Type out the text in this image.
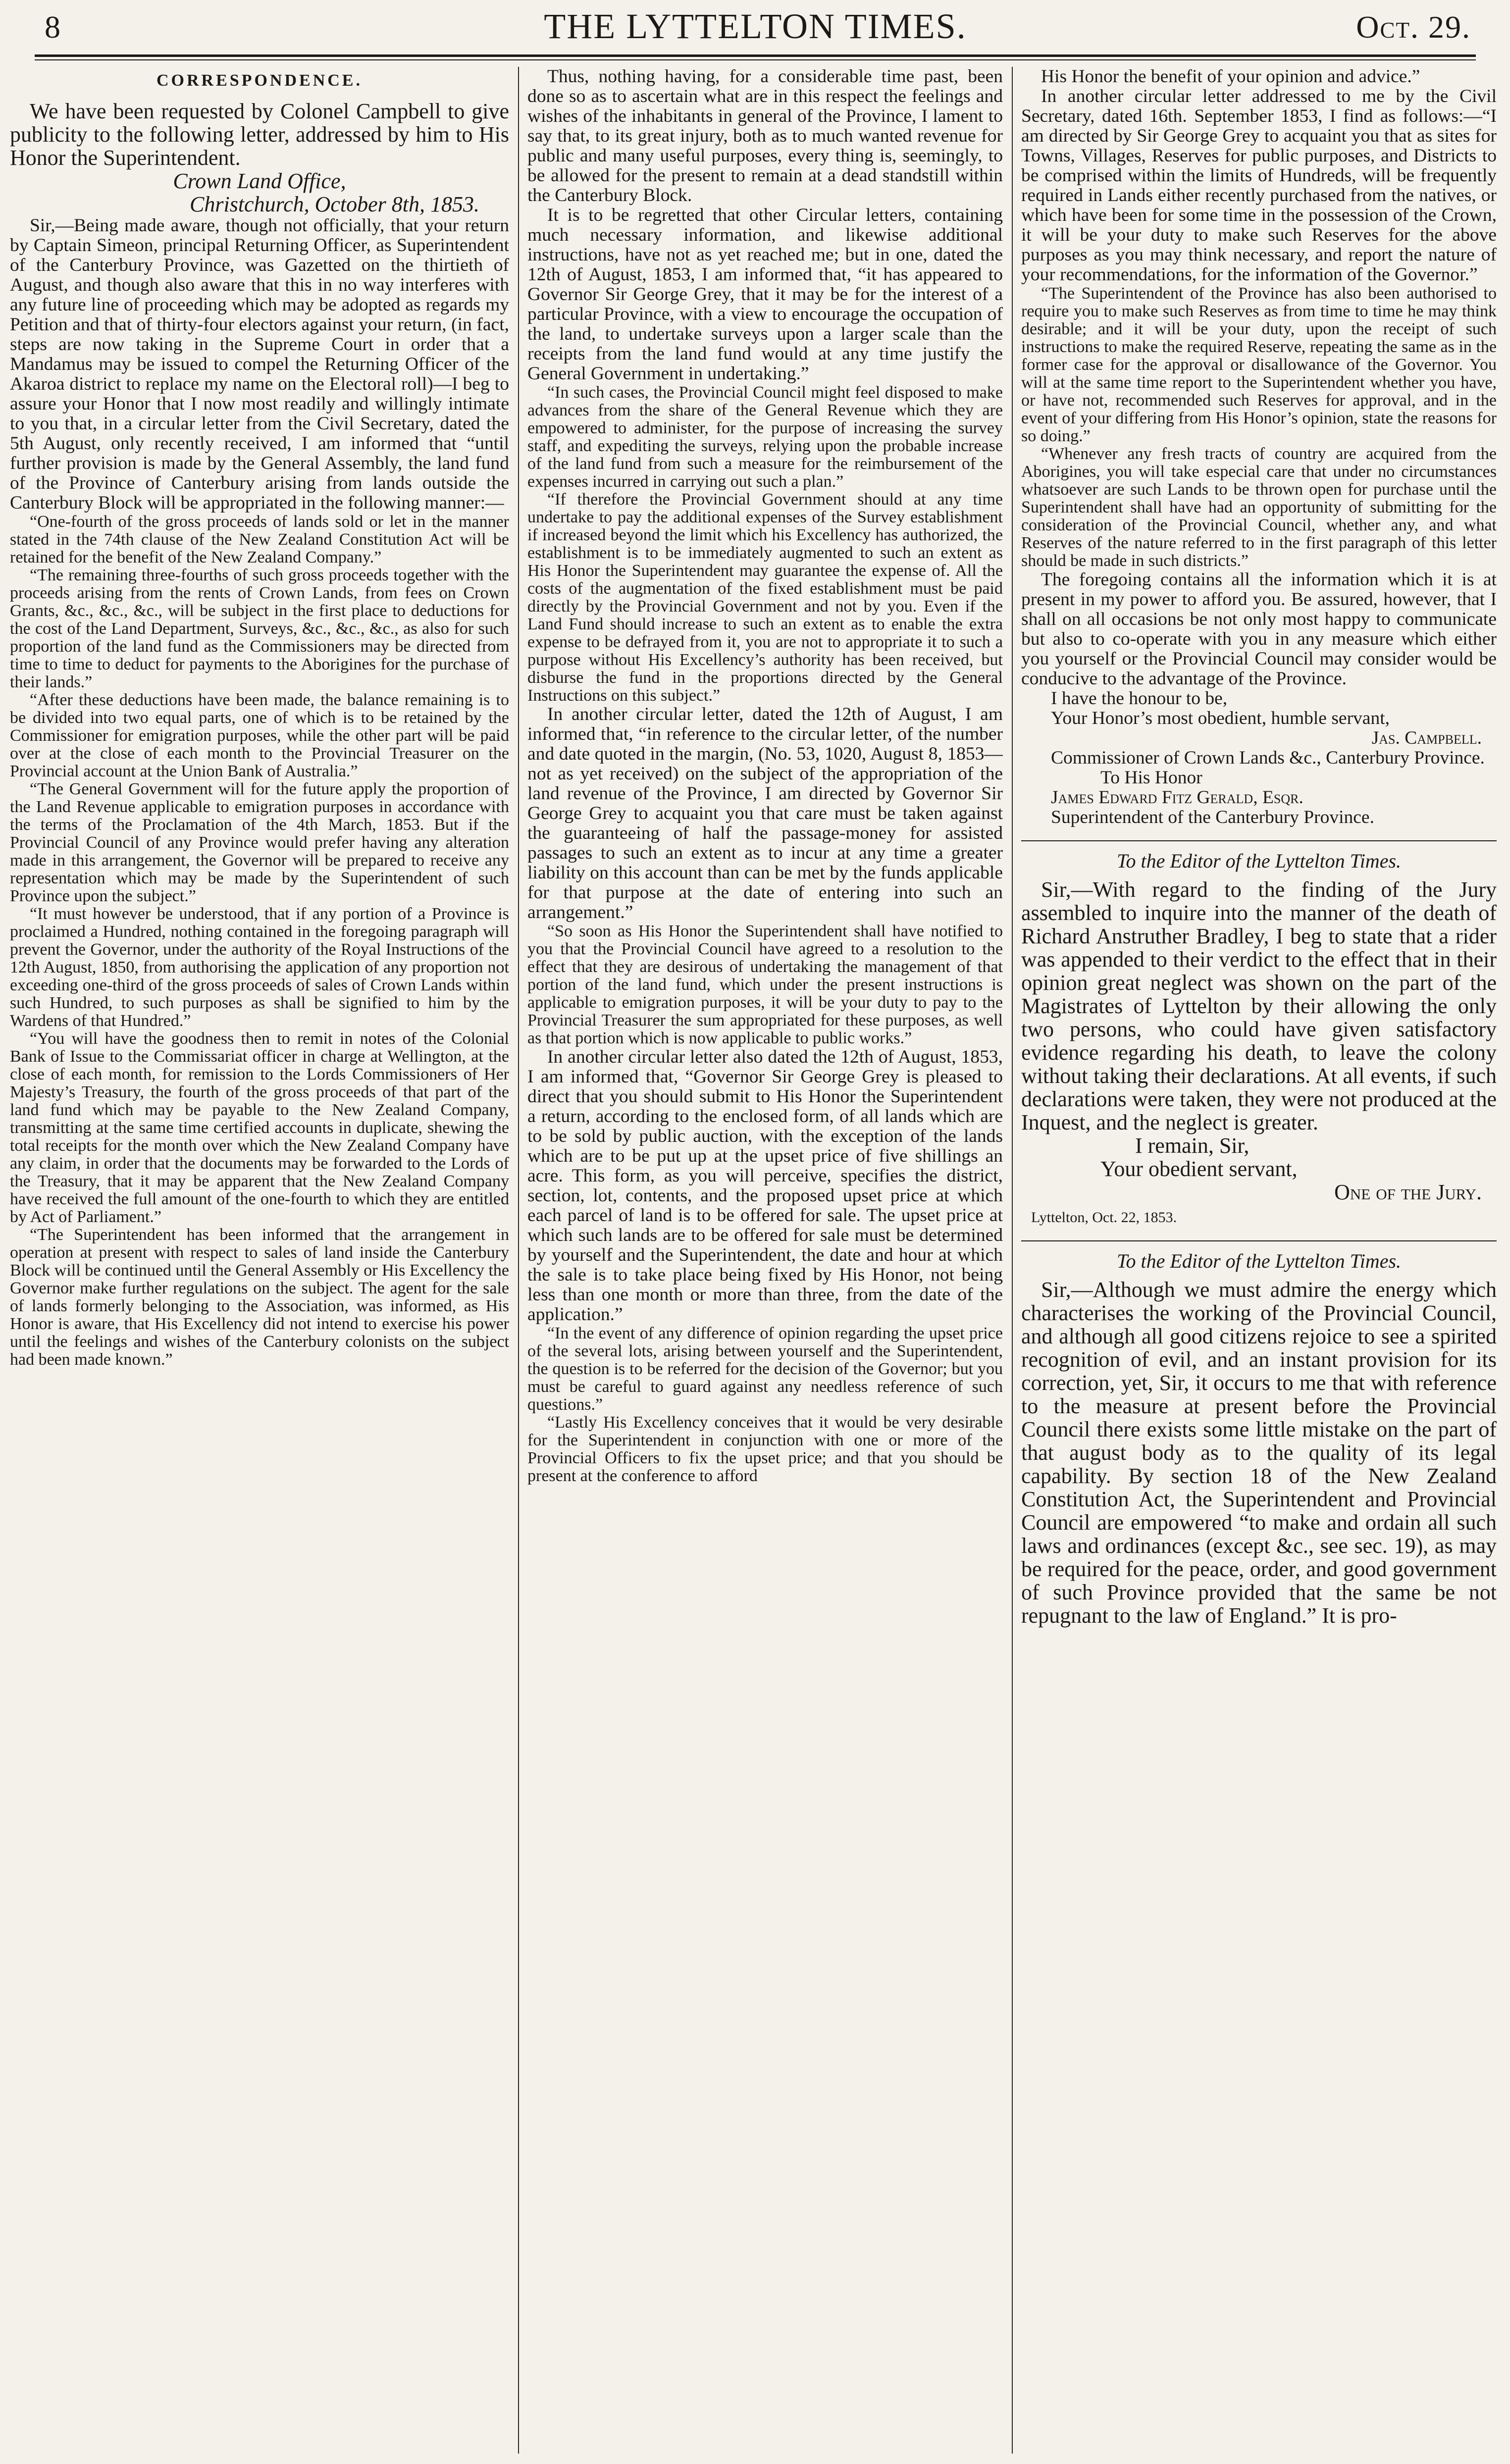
8	THE LYTTELTON TIMES.	Oct. 29.
CORRESPONDENCE.

We have been requested by Colonel Campbell to give publicity to the following letter, addressed by him to His Honor the Superintendent.

Crown Land Office,
Christchurch, October 8th, 1853.

Sir,—Being made aware, though not officially, that your return by Captain Simeon, principal Returning Officer, as Superintendent of the Canterbury Province, was Gazetted on the thirtieth of August, and though also aware that this in no way interferes with any future line of proceeding which may be adopted as regards my Petition and that of thirty-four electors against your return, (in fact, steps are now taking in the Supreme Court in order that a Mandamus may be issued to compel the Returning Officer of the Akaroa district to replace my name on the Electoral roll)—I beg to assure your Honor that I now most readily and willingly intimate to you that, in a circular letter from the Civil Secretary, dated the 5th August, only recently received, I am informed that “until further provision is made by the General Assembly, the land fund of the Province of Canterbury arising from lands outside the Canterbury Block will be appropriated in the following manner:—

“One-fourth of the gross proceeds of lands sold or let in the manner stated in the 74th clause of the New Zealand Constitution Act will be retained for the benefit of the New Zealand Company.”

“The remaining three-fourths of such gross proceeds together with the proceeds arising from the rents of Crown Lands, from fees on Crown Grants, &c., &c., &c., will be subject in the first place to deductions for the cost of the Land Department, Surveys, &c., &c., &c., as also for such proportion of the land fund as the Commissioners may be directed from time to time to deduct for payments to the Aborigines for the purchase of their lands.”

“After these deductions have been made, the balance remaining is to be divided into two equal parts, one of which is to be retained by the Commissioner for emigration purposes, while the other part will be paid over at the close of each month to the Provincial Treasurer on the Provincial account at the Union Bank of Australia.”

“The General Government will for the future apply the proportion of the Land Revenue applicable to emigration purposes in accordance with the terms of the Proclamation of the 4th March, 1853. But if the Provincial Council of any Province would prefer having any alteration made in this arrangement, the Governor will be prepared to receive any representation which may be made by the Superintendent of such Province upon the subject.”

“It must however be understood, that if any portion of a Province is proclaimed a Hundred, nothing contained in the foregoing paragraph will prevent the Governor, under the authority of the Royal Instructions of the 12th August, 1850, from authorising the application of any proportion not exceeding one-third of the gross proceeds of sales of Crown Lands within such Hundred, to such purposes as shall be signified to him by the Wardens of that Hundred.”

“You will have the goodness then to remit in notes of the Colonial Bank of Issue to the Commissariat officer in charge at Wellington, at the close of each month, for remission to the Lords Commissioners of Her Majesty’s Treasury, the fourth of the gross proceeds of that part of the land fund which may be payable to the New Zealand Company, transmitting at the same time certified accounts in duplicate, shewing the total receipts for the month over which the New Zealand Company have any claim, in order that the documents may be forwarded to the Lords of the Treasury, that it may be apparent that the New Zealand Company have received the full amount of the one-fourth to which they are entitled by Act of Parliament.”

“The Superintendent has been informed that the arrangement in operation at present with respect to sales of land inside the Canterbury Block will be continued until the General Assembly or His Excellency the Governor make further regulations on the subject. The agent for the sale of lands formerly belonging to the Association, was informed, as His Honor is aware, that His Excellency did not intend to exercise his power until the feelings and wishes of the Canterbury colonists on the subject had been made known.”

Thus, nothing having, for a considerable time past, been done so as to ascertain what are in this respect the feelings and wishes of the inhabitants in general of the Province, I lament to say that, to its great injury, both as to much wanted revenue for public and many useful purposes, every thing is, seemingly, to be allowed for the present to remain at a dead standstill within the Canterbury Block.

It is to be regretted that other Circular letters, containing much necessary information, and likewise additional instructions, have not as yet reached me; but in one, dated the 12th of August, 1853, I am informed that, “it has appeared to Governor Sir George Grey, that it may be for the interest of a particular Province, with a view to encourage the occupation of the land, to undertake surveys upon a larger scale than the receipts from the land fund would at any time justify the General Government in undertaking.”

“In such cases, the Provincial Council might feel disposed to make advances from the share of the General Revenue which they are empowered to administer, for the purpose of increasing the survey staff, and expediting the surveys, relying upon the probable increase of the land fund from such a measure for the reimbursement of the expenses incurred in carrying out such a plan.”

“If therefore the Provincial Government should at any time undertake to pay the additional expenses of the Survey establishment if increased beyond the limit which his Excellency has authorized, the establishment is to be immediately augmented to such an extent as His Honor the Superintendent may guarantee the expense of. All the costs of the augmentation of the fixed establishment must be paid directly by the Provincial Government and not by you. Even if the Land Fund should increase to such an extent as to enable the extra expense to be defrayed from it, you are not to appropriate it to such a purpose without His Excellency’s authority has been received, but disburse the fund in the proportions directed by the General Instructions on this subject.”

In another circular letter, dated the 12th of August, I am informed that, “in reference to the circular letter, of the number and date quoted in the margin, (No. 53, 1020, August 8, 1853—not as yet received) on the subject of the appropriation of the land revenue of the Province, I am directed by Governor Sir George Grey to acquaint you that care must be taken against the guaranteeing of half the passage-money for assisted passages to such an extent as to incur at any time a greater liability on this account than can be met by the funds applicable for that purpose at the date of entering into such an arrangement.”

“So soon as His Honor the Superintendent shall have notified to you that the Provincial Council have agreed to a resolution to the effect that they are desirous of undertaking the management of that portion of the land fund, which under the present instructions is applicable to emigration purposes, it will be your duty to pay to the Provincial Treasurer the sum appropriated for these purposes, as well as that portion which is now applicable to public works.”

In another circular letter also dated the 12th of August, 1853, I am informed that, “Governor Sir George Grey is pleased to direct that you should submit to His Honor the Superintendent a return, according to the enclosed form, of all lands which are to be sold by public auction, with the exception of the lands which are to be put up at the upset price of five shillings an acre. This form, as you will perceive, specifies the district, section, lot, contents, and the proposed upset price at which each parcel of land is to be offered for sale. The upset price at which such lands are to be offered for sale must be determined by yourself and the Superintendent, the date and hour at which the sale is to take place being fixed by His Honor, not being less than one month or more than three, from the date of the application.”

“In the event of any difference of opinion regarding the upset price of the several lots, arising between yourself and the Superintendent, the question is to be referred for the decision of the Governor; but you must be careful to guard against any needless reference of such questions.”

“Lastly His Excellency conceives that it would be very desirable for the Superintendent in conjunction with one or more of the Provincial Officers to fix the upset price; and that you should be present at the conference to afford

His Honor the benefit of your opinion and advice.”

In another circular letter addressed to me by the Civil Secretary, dated 16th. September 1853, I find as follows:—“I am directed by Sir George Grey to acquaint you that as sites for Towns, Villages, Reserves for public purposes, and Districts to be comprised within the limits of Hundreds, will be frequently required in Lands either recently purchased from the natives, or which have been for some time in the possession of the Crown, it will be your duty to make such Reserves for the above purposes as you may think necessary, and report the nature of your recommendations, for the information of the Governor.”

“The Superintendent of the Province has also been authorised to require you to make such Reserves as from time to time he may think desirable; and it will be your duty, upon the receipt of such instructions to make the required Reserve, repeating the same as in the former case for the approval or disallowance of the Governor. You will at the same time report to the Superintendent whether you have, or have not, recommended such Reserves for approval, and in the event of your differing from His Honor’s opinion, state the reasons for so doing.”

“Whenever any fresh tracts of country are acquired from the Aborigines, you will take especial care that under no circumstances whatsoever are such Lands to be thrown open for purchase until the Superintendent shall have had an opportunity of submitting for the consideration of the Provincial Council, whether any, and what Reserves of the nature referred to in the first paragraph of this letter should be made in such districts.”

The foregoing contains all the information which it is at present in my power to afford you. Be assured, however, that I shall on all occasions be not only most happy to communicate but also to co-operate with you in any measure which either you yourself or the Provincial Council may consider would be conducive to the advantage of the Province.

I have the honour to be,

Your Honor’s most obedient, humble servant,

Jas. Campbell.

Commissioner of Crown Lands &c., Canterbury Province.

To His Honor

James Edward Fitz Gerald, Esqr.

Superintendent of the Canterbury Province.

To the Editor of the Lyttelton Times.

Sir,—With regard to the finding of the Jury assembled to inquire into the manner of the death of Richard Anstruther Bradley, I beg to state that a rider was appended to their verdict to the effect that in their opinion great neglect was shown on the part of the Magistrates of Lyttelton by their allowing the only two persons, who could have given satisfactory evidence regarding his death, to leave the colony without taking their declarations. At all events, if such declarations were taken, they were not produced at the Inquest, and the neglect is greater.

I remain, Sir,

Your obedient servant,

One of the Jury.
Lyttelton, Oct. 22, 1853.
To the Editor of the Lyttelton Times.

Sir,—Although we must admire the energy which characterises the working of the Provincial Council, and although all good citizens rejoice to see a spirited recognition of evil, and an instant provision for its correction, yet, Sir, it occurs to me that with reference to the measure at present before the Provincial Council there exists some little mistake on the part of that august body as to the quality of its legal capability. By section 18 of the New Zealand Constitution Act, the Superintendent and Provincial Council are empowered “to make and ordain all such laws and ordinances (except &c., see sec. 19), as may be required for the peace, order, and good government of such Province provided that the same be not repugnant to the law of England.” It is pro-
